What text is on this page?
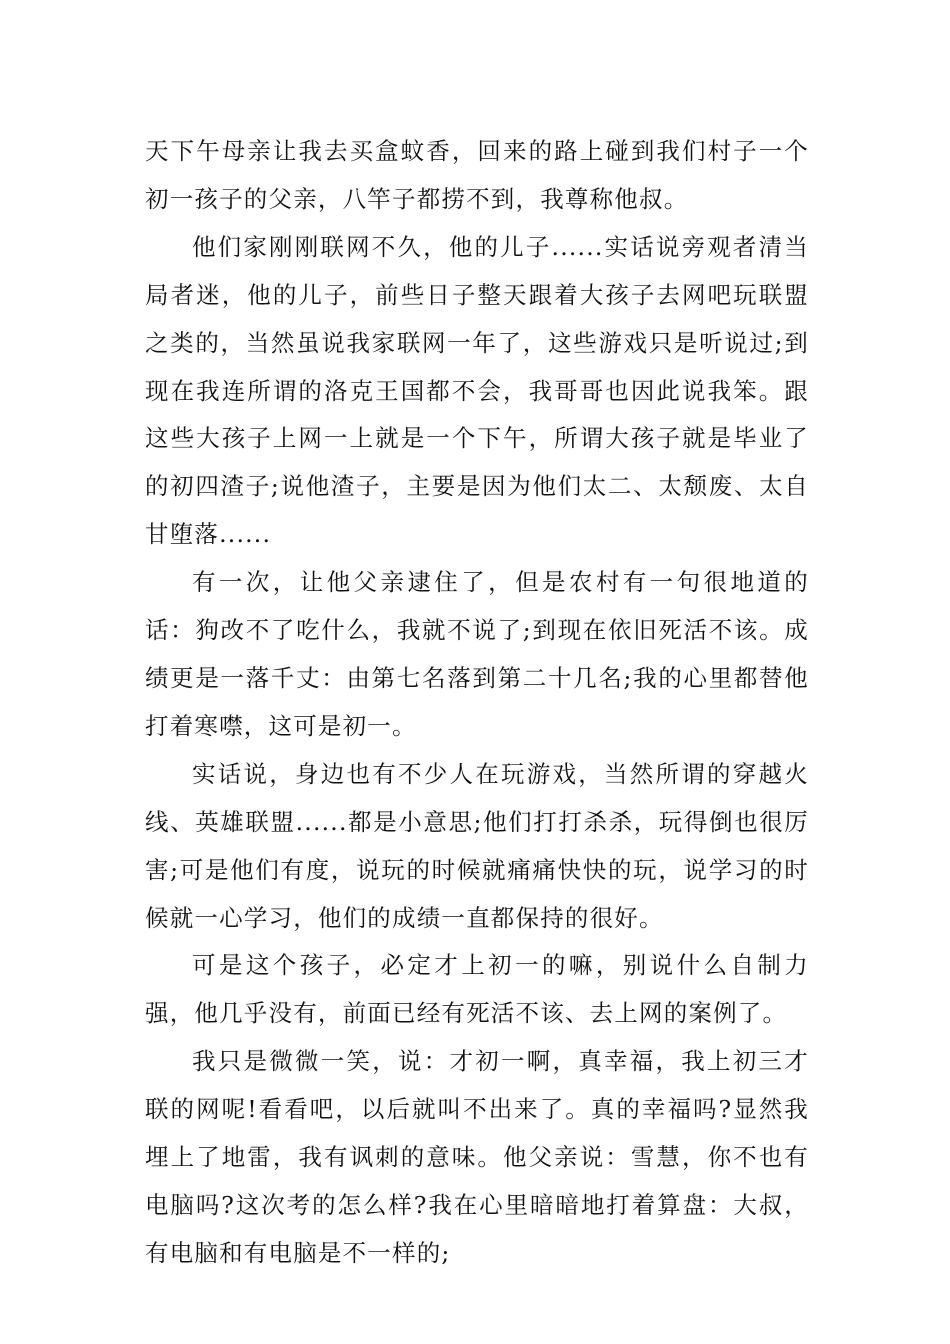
天下午母亲让我去买盒蚊香，回来的路上碰到我们村子一个初一孩子的父亲，八竿子都捞不到，我尊称他叔。

他们家刚刚联网不久，他的儿子......实话说旁观者清当局者迷，他的儿子，前些日子整天跟着大孩子去网吧玩联盟之类的，当然虽说我家联网一年了，这些游戏只是听说过;到现在我连所谓的洛克王国都不会，我哥哥也因此说我笨。跟这些大孩子上网一上就是一个下午，所谓大孩子就是毕业了的初四渣子;说他渣子，主要是因为他们太二、太颓废、太自甘堕落......

有一次，让他父亲逮住了，但是农村有一句很地道的话：狗改不了吃什么，我就不说了;到现在依旧死活不该。成绩更是一落千丈：由第七名落到第二十几名;我的心里都替他打着寒噤，这可是初一。

实话说，身边也有不少人在玩游戏，当然所谓的穿越火线、英雄联盟......都是小意思;他们打打杀杀，玩得倒也很厉害;可是他们有度，说玩的时候就痛痛快快的玩，说学习的时候就一心学习，他们的成绩一直都保持的很好。

可是这个孩子，必定才上初一的嘛，别说什么自制力强，他几乎没有，前面已经有死活不该、去上网的案例了。

我只是微微一笑，说：才初一啊，真幸福，我上初三才联的网呢!看看吧，以后就叫不出来了。真的幸福吗?显然我埋上了地雷，我有讽刺的意味。他父亲说：雪慧，你不也有电脑吗?这次考的怎么样?我在心里暗暗地打着算盘：大叔，有电脑和有电脑是不一样的;
